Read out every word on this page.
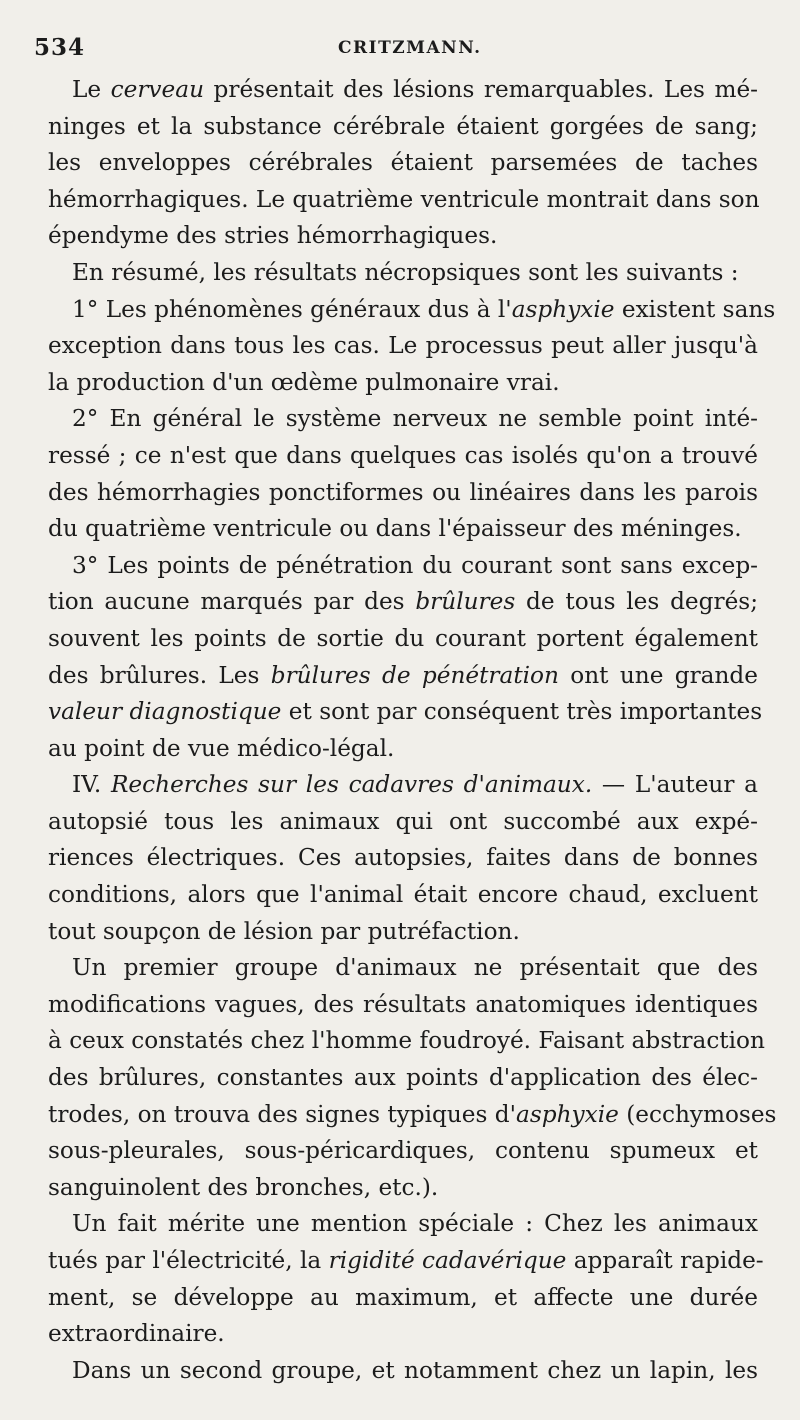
534	CRITZMANN.
Le cerveau présentait des lésions remarquables. Les mé-
ninges et la substance cérébrale étaient gorgées de sang;
les enveloppes cérébrales étaient parsemées de taches
hémorrhagiques. Le quatrième ventricule montrait dans son
épendyme des stries hémorrhagiques.
En résumé, les résultats nécropsiques sont les suivants :
1° Les phénomènes généraux dus à l'asphyxie existent sans
exception dans tous les cas. Le processus peut aller jusqu'à
la production d'un œdème pulmonaire vrai.
2° En général le système nerveux ne semble point inté-
ressé ; ce n'est que dans quelques cas isolés qu'on a trouvé
des hémorrhagies ponctiformes ou linéaires dans les parois
du quatrième ventricule ou dans l'épaisseur des méninges.
3° Les points de pénétration du courant sont sans excep-
tion aucune marqués par des brûlures de tous les degrés;
souvent les points de sortie du courant portent également
des brûlures. Les brûlures de pénétration ont une grande
valeur diagnostique et sont par conséquent très importantes
au point de vue médico-légal.
IV. Recherches sur les cadavres d'animaux. — L'auteur a
autopsié tous les animaux qui ont succombé aux expé-
riences électriques. Ces autopsies, faites dans de bonnes
conditions, alors que l'animal était encore chaud, excluent
tout soupçon de lésion par putréfaction.
Un premier groupe d'animaux ne présentait que des
modifications vagues, des résultats anatomiques identiques
à ceux constatés chez l'homme foudroyé. Faisant abstraction
des brûlures, constantes aux points d'application des élec-
trodes, on trouva des signes typiques d'asphyxie (ecchymoses
sous-pleurales, sous-péricardiques, contenu spumeux et
sanguinolent des bronches, etc.).
Un fait mérite une mention spéciale : Chez les animaux
tués par l'électricité, la rigidité cadavérique apparaît rapide-
ment, se développe au maximum, et affecte une durée
extraordinaire.
Dans un second groupe, et notamment chez un lapin, les
